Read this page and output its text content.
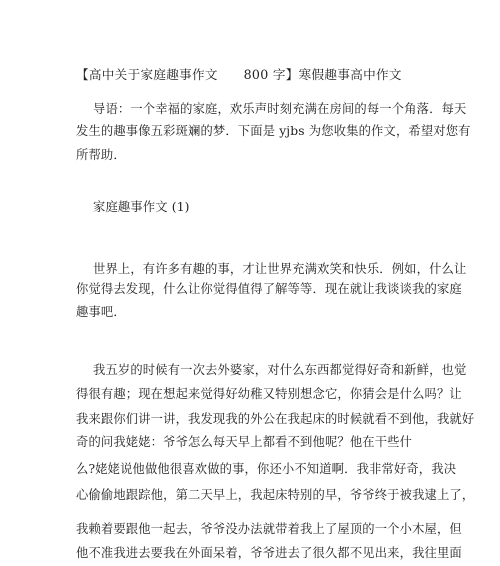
【高中关于家庭趣事作文　　800 字】寒假趣事高中作文
导语：一个幸福的家庭，欢乐声时刻充满在房间的每一个角落．每天
发生的趣事像五彩斑斓的梦．下面是 yjbs 为您收集的作文，希望对您有
所帮助．
家庭趣事作文 (1)
世界上，有许多有趣的事，才让世界充满欢笑和快乐．例如，什么让
你觉得去发现，什么让你觉得值得了解等等．现在就让我谈谈我的家庭
趣事吧．
我五岁的时候有一次去外婆家，对什么东西都觉得好奇和新鲜，也觉
得很有趣；现在想起来觉得好幼稚又特别想念它，你猜会是什么吗？让
我来跟你们讲一讲，我发现我的外公在我起床的时候就看不到他，我就好
奇的问我姥姥：爷爷怎么每天早上都看不到他呢？他在干些什
么?姥姥说他做他很喜欢做的事，你还小不知道啊．我非常好奇，我决
心偷偷地跟踪他，第二天早上，我起床特别的早，爷爷终于被我逮上了，
我赖着要跟他一起去，爷爷没办法就带着我上了屋顶的一个小木屋，但
他不准我进去要我在外面呆着，爷爷进去了很久都不见出来，我往里面
